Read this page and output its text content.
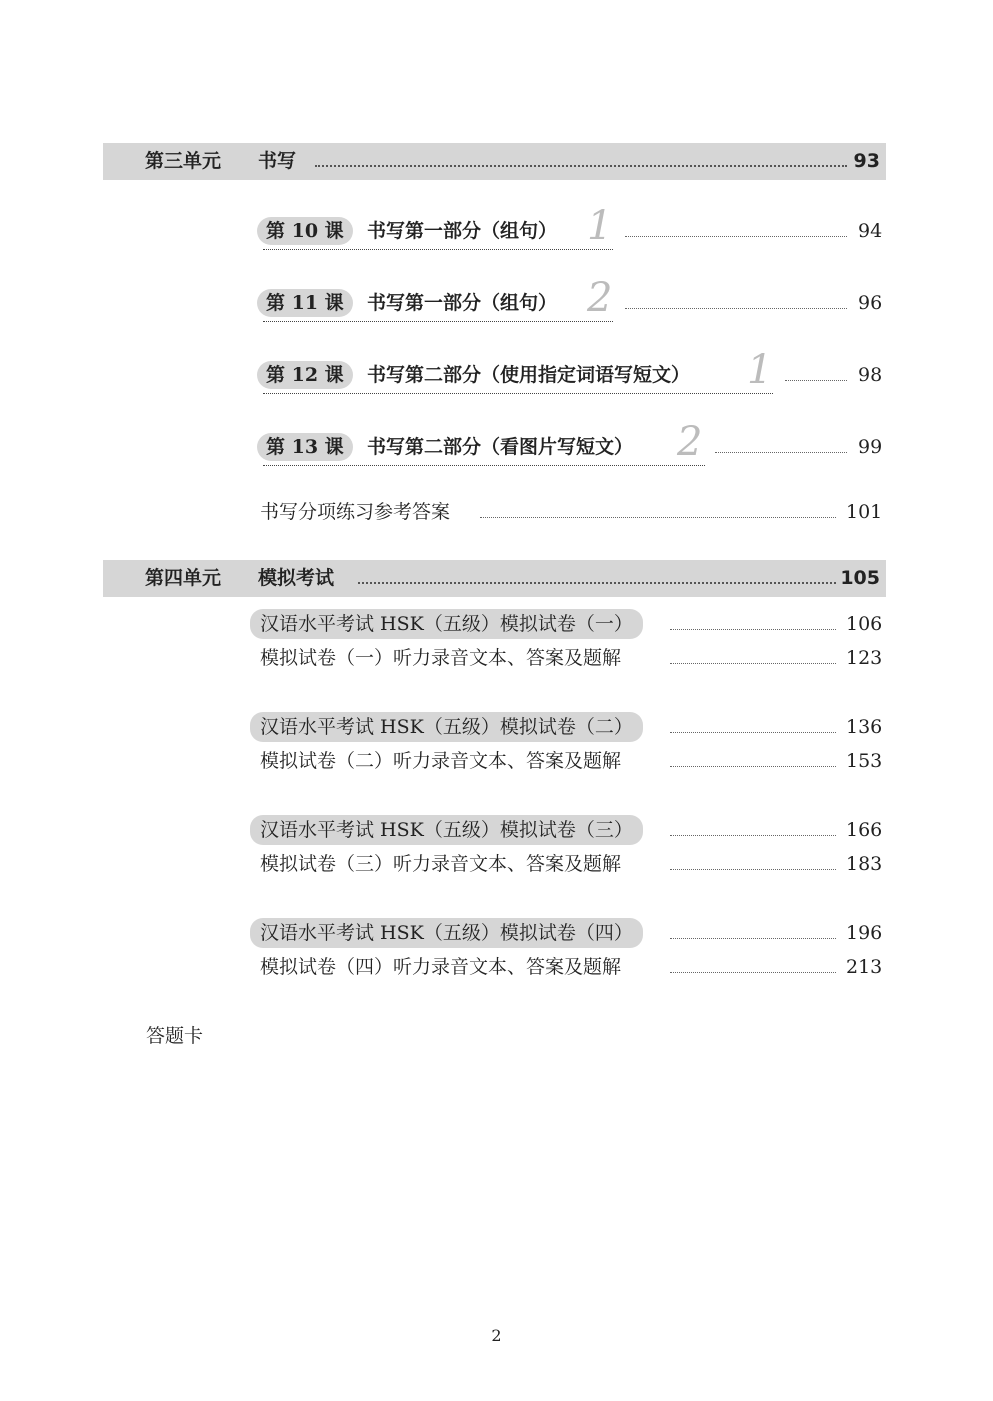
第三单元 书写	93
第 10 课	书写第一部分（组句） 1	94
第 11 课	书写第一部分（组句） 2	96
第 12 课	书写第二部分（使用指定词语写短文） 1	98
第 13 课	书写第二部分（看图片写短文） 2	99
书写分项练习参考答案	101
第四单元 模拟考试	105
汉语水平考试 HSK（五级）模拟试卷（一）	106
模拟试卷（一）听力录音文本、答案及题解	123
汉语水平考试 HSK（五级）模拟试卷（二）	136
模拟试卷（二）听力录音文本、答案及题解	153
汉语水平考试 HSK（五级）模拟试卷（三）	166
模拟试卷（三）听力录音文本、答案及题解	183
汉语水平考试 HSK（五级）模拟试卷（四）	196
模拟试卷（四）听力录音文本、答案及题解	213
答题卡
2
